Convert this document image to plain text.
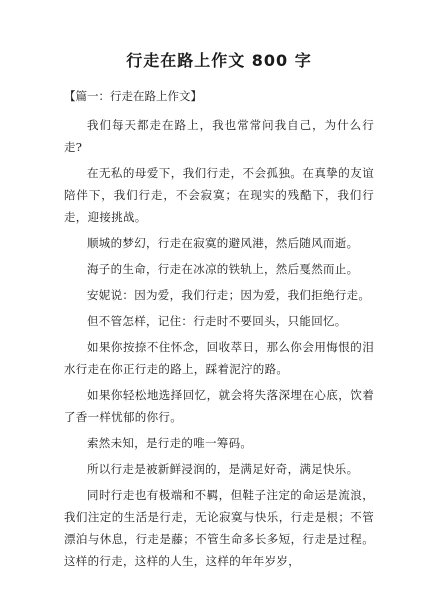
行走在路上作文 800 字
【篇一：行走在路上作文】

我们每天都走在路上，我也常常问我自己，为什么行走?

在无私的母爱下，我们行走，不会孤独。在真挚的友谊陪伴下，我们行走，不会寂寞；在现实的残酷下，我们行走，迎接挑战。

顺城的梦幻，行走在寂寞的避风港，然后随风而逝。

海子的生命，行走在冰凉的铁轨上，然后戛然而止。

安妮说：因为爱，我们行走；因为爱，我们拒绝行走。

但不管怎样，记住：行走时不要回头，只能回忆。

如果你按捺不住怀念，回收萃日，那么你会用悔恨的泪水行走在你正行走的路上，踩着泥泞的路。

如果你轻松地选择回忆，就会将失落深埋在心底，饮着了香一样忧郁的你行。

索然未知，是行走的唯一筹码。

所以行走是被新鲜浸润的，是满足好奇，满足快乐。

同时行走也有极端和不羁，但鞋子注定的命运是流浪，我们注定的生活是行走，无论寂寞与快乐，行走是根；不管漂泊与休息，行走是藤；不管生命多长多短，行走是过程。这样的行走，这样的人生，这样的年年岁岁，
